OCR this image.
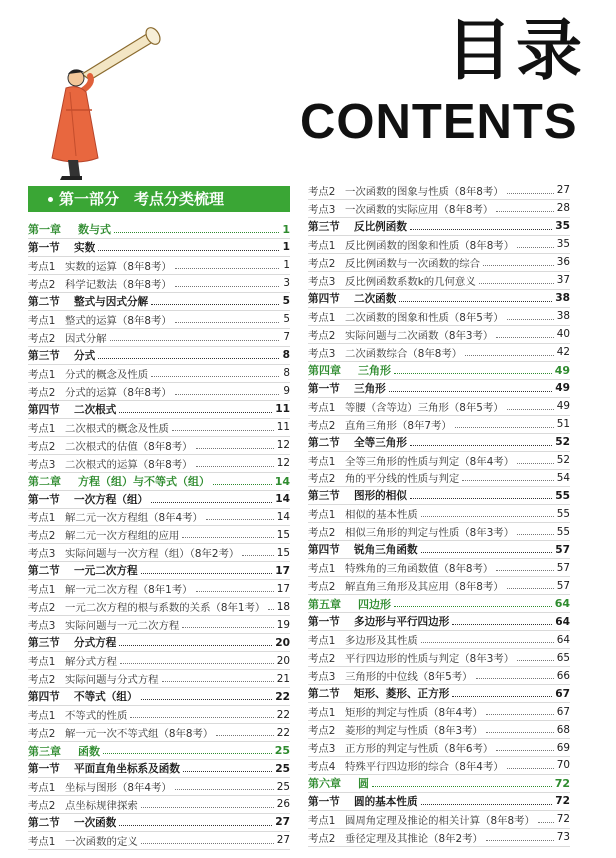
目录
CONTENTS
第一部分　考点分类梳理
第一章	数与式	1
第一节	实数	1
考点1 实数的运算（8年8考）	1
考点2 科学记数法（8年8考）	3
第二节	整式与因式分解	5
考点1 整式的运算（8年8考）	5
考点2 因式分解	7
第三节	分式	8
考点1 分式的概念及性质	8
考点2 分式的运算（8年8考）	9
第四节	二次根式	11
考点1 二次根式的概念及性质	11
考点2 二次根式的估值（8年8考）	12
考点3 二次根式的运算（8年8考）	12
第二章	方程（组）与不等式（组）	14
第一节	一次方程（组）	14
考点1 解二元一次方程组（8年4考）	14
考点2 解二元一次方程组的应用	15
考点3 实际问题与一次方程（组）（8年2考）	15
第二节	一元二次方程	17
考点1 解一元二次方程（8年1考）	17
考点2 一元二次方程的根与系数的关系（8年1考） 18
考点3 实际问题与一元二次方程	19
第三节	分式方程	20
考点1 解分式方程	20
考点2 实际问题与分式方程	21
第四节	不等式（组）	22
考点1 不等式的性质	22
考点2 解一元一次不等式组（8年8考）	22
第三章	函数	25
第一节	平面直角坐标系及函数	25
考点1 坐标与图形（8年4考）	25
考点2 点坐标规律探索	26
第二节	一次函数	27
考点1 一次函数的定义	27
考点2 一次函数的图象与性质（8年8考）	27
考点3 一次函数的实际应用（8年8考）	28
第三节	反比例函数	35
考点1 反比例函数的图象和性质（8年8考）	35
考点2 反比例函数与一次函数的综合	36
考点3 反比例函数系数k的几何意义	37
第四节	二次函数	38
考点1 二次函数的图象和性质（8年5考）	38
考点2 实际问题与二次函数（8年3考）	40
考点3 二次函数综合（8年8考）	42
第四章	三角形	49
第一节	三角形	49
考点1 等腰（含等边）三角形（8年5考）	49
考点2 直角三角形（8年7考）	51
第二节	全等三角形	52
考点1 全等三角形的性质与判定（8年4考）	52
考点2 角的平分线的性质与判定	54
第三节	图形的相似	55
考点1 相似的基本性质	55
考点2 相似三角形的判定与性质（8年3考）	55
第四节	锐角三角函数	57
考点1 特殊角的三角函数值（8年8考）	57
考点2 解直角三角形及其应用（8年8考）	57
第五章	四边形	64
第一节	多边形与平行四边形	64
考点1 多边形及其性质	64
考点2 平行四边形的性质与判定（8年3考）	65
考点3 三角形的中位线（8年5考）	66
第二节	矩形、菱形、正方形	67
考点1 矩形的判定与性质（8年4考）	67
考点2 菱形的判定与性质（8年3考）	68
考点3 正方形的判定与性质（8年6考）	69
考点4 特殊平行四边形的综合（8年4考）	70
第六章	圆	72
第一节	圆的基本性质	72
考点1 圆周角定理及推论的相关计算（8年8考） 72
考点2 垂径定理及其推论（8年2考）	73
